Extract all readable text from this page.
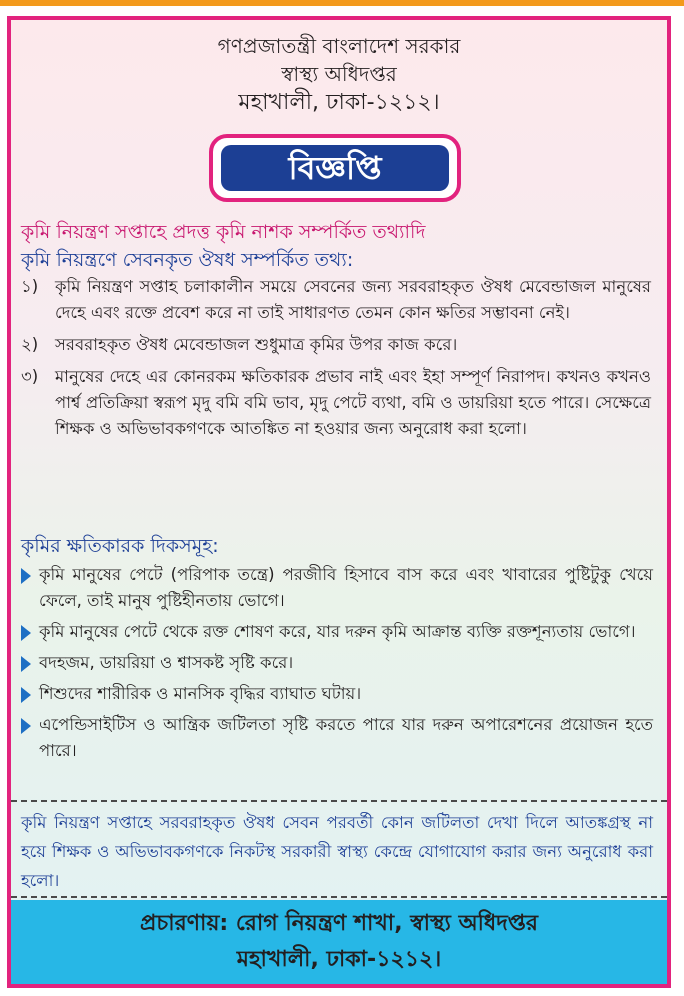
গণপ্রজাতন্ত্রী বাংলাদেশ সরকার
স্বাস্থ্য অধিদপ্তর
মহাখালী, ঢাকা-১২১২।
বিজ্ঞপ্তি
কৃমি নিয়ন্ত্রণ সপ্তাহে প্রদত্ত কৃমি নাশক সম্পর্কিত তথ্যাদি
কৃমি নিয়ন্ত্রণে সেবনকৃত ঔষধ সম্পর্কিত তথ্য:
১)	কৃমি নিয়ন্ত্রণ সপ্তাহ চলাকালীন সময়ে সেবনের জন্য সরবরাহকৃত ঔষধ মেবেন্ডাজল মানুষের দেহে এবং রক্তে প্রবেশ করে না তাই সাধারণত তেমন কোন ক্ষতির সম্ভাবনা নেই।
২)	সরবরাহকৃত ঔষধ মেবেন্ডাজল শুধুমাত্র কৃমির উপর কাজ করে।
৩)	মানুষের দেহে এর কোনরকম ক্ষতিকারক প্রভাব নাই এবং ইহা সম্পূর্ণ নিরাপদ। কখনও কখনও পার্শ্ব প্রতিক্রিয়া স্বরূপ মৃদু বমি বমি ভাব, মৃদু পেটে ব্যথা, বমি ও ডায়রিয়া হতে পারে। সেক্ষেত্রে শিক্ষক ও অভিভাবকগণকে আতঙ্কিত না হওয়ার জন্য অনুরোধ করা হলো।
কৃমির ক্ষতিকারক দিকসমূহ:
কৃমি মানুষের পেটে (পরিপাক তন্ত্রে) পরজীবি হিসাবে বাস করে এবং খাবারের পুষ্টিটুকু খেয়ে ফেলে, তাই মানুষ পুষ্টিহীনতায় ভোগে।
কৃমি মানুষের পেটে থেকে রক্ত শোষণ করে, যার দরুন কৃমি আক্রান্ত ব্যক্তি রক্তশূন্যতায় ভোগে।
বদহজম, ডায়রিয়া ও শ্বাসকষ্ট সৃষ্টি করে।
শিশুদের শারীরিক ও মানসিক বৃদ্ধির ব্যাঘাত ঘটায়।
এপেন্ডিসাইটিস ও আন্ত্রিক জটিলতা সৃষ্টি করতে পারে যার দরুন অপারেশনের প্রয়োজন হতে পারে।
কৃমি নিয়ন্ত্রণ সপ্তাহে সরবরাহকৃত ঔষধ সেবন পরবর্তী কোন জটিলতা দেখা দিলে আতঙ্কগ্রস্থ না হয়ে শিক্ষক ও অভিভাবকগণকে নিকটস্থ সরকারী স্বাস্থ্য কেন্দ্রে যোগাযোগ করার জন্য অনুরোধ করা হলো।
প্রচারণায়: রোগ নিয়ন্ত্রণ শাখা, স্বাস্থ্য অধিদপ্তর
মহাখালী, ঢাকা-১২১২।
